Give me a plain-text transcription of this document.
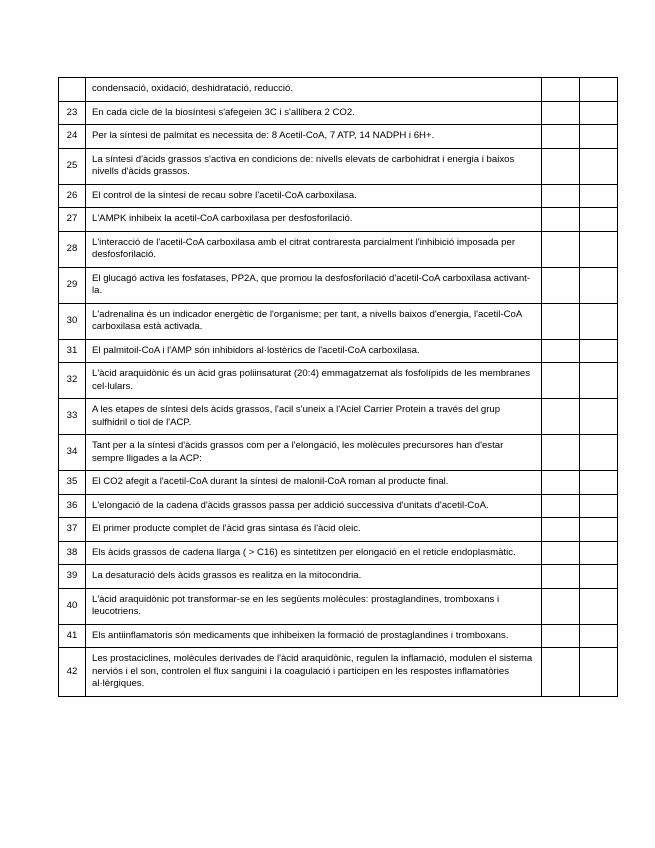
	condensació, oxidació, deshidratació, reducció.		
23	En cada cicle de la biosíntesi s'afegeien 3C i s'allibera 2 CO2.		
24	Per la síntesi de palmitat es necessita de: 8 Acetil-CoA, 7 ATP, 14 NADPH i 6H+.		
25	La síntesi d'àcids grassos s'activa en condicions de: nivells elevats de carbohidrat i energia i baixos nivells d'àcids grassos.		
26	El control de la síntesi de recau sobre l'acetil-CoA carboxilasa.		
27	L'AMPK inhibeix la acetil-CoA carboxilasa per desfosforilació.		
28	L'interacció de l'acetil-CoA carboxilasa amb el citrat contraresta parcialment l'inhibició imposada per desfosforilació.		
29	El glucagó activa les fosfatases, PP2A, que promou la desfosforilació d'acetil-CoA carboxilasa activant-la.		
30	L'adrenalina és un indicador energètic de l'organisme; per tant, a nivells baixos d'energia, l'acetil-CoA carboxilasa està activada.		
31	El palmitoil-CoA i l'AMP són inhibidors al·lostèrics de l'acetil-CoA carboxilasa.		
32	L'àcid araquidònic és un àcid gras poliinsaturat (20:4) emmagatzemat als fosfolípids de les membranes cel·lulars.		
33	A les etapes de síntesi dels àcids grassos, l'acil s'uneix a l'Aciel Carrier Protein a través del grup sulfhidril o tiol de l'ACP.		
34	Tant per a la síntesi d'àcids grassos com per a l'elongació, les molècules precursores han d'estar sempre lligades a la ACP:		
35	El CO2 afegit a l'acetil-CoA durant la síntesi de malonil-CoA roman al producte final.		
36	L'elongació de la cadena d'àcids grassos passa per addició successiva d'unitats d'acetil-CoA.		
37	El primer producte complet de l'àcid gras sintasa és l'àcid oleic.		
38	Els àcids grassos de cadena llarga ( > C16) es sintetitzen per elongació en el reticle endoplasmàtic.		
39	La desaturació dels àcids grassos es realitza en la mitocondria.		
40	L'àcid araquidònic pot transformar-se en les següents molècules: prostaglandines, tromboxans i leucotriens.		
41	Els antiinflamatoris són medicaments que inhibeixen la formació de prostaglandines i tromboxans.		
42	Les prostaciclines, molècules derivades de l'àcid araquidònic, regulen la inflamació, modulen el sistema nerviós i el son, controlen el flux sanguini i la coagulació i participen en les respostes inflamatòries al·lèrgiques.		
